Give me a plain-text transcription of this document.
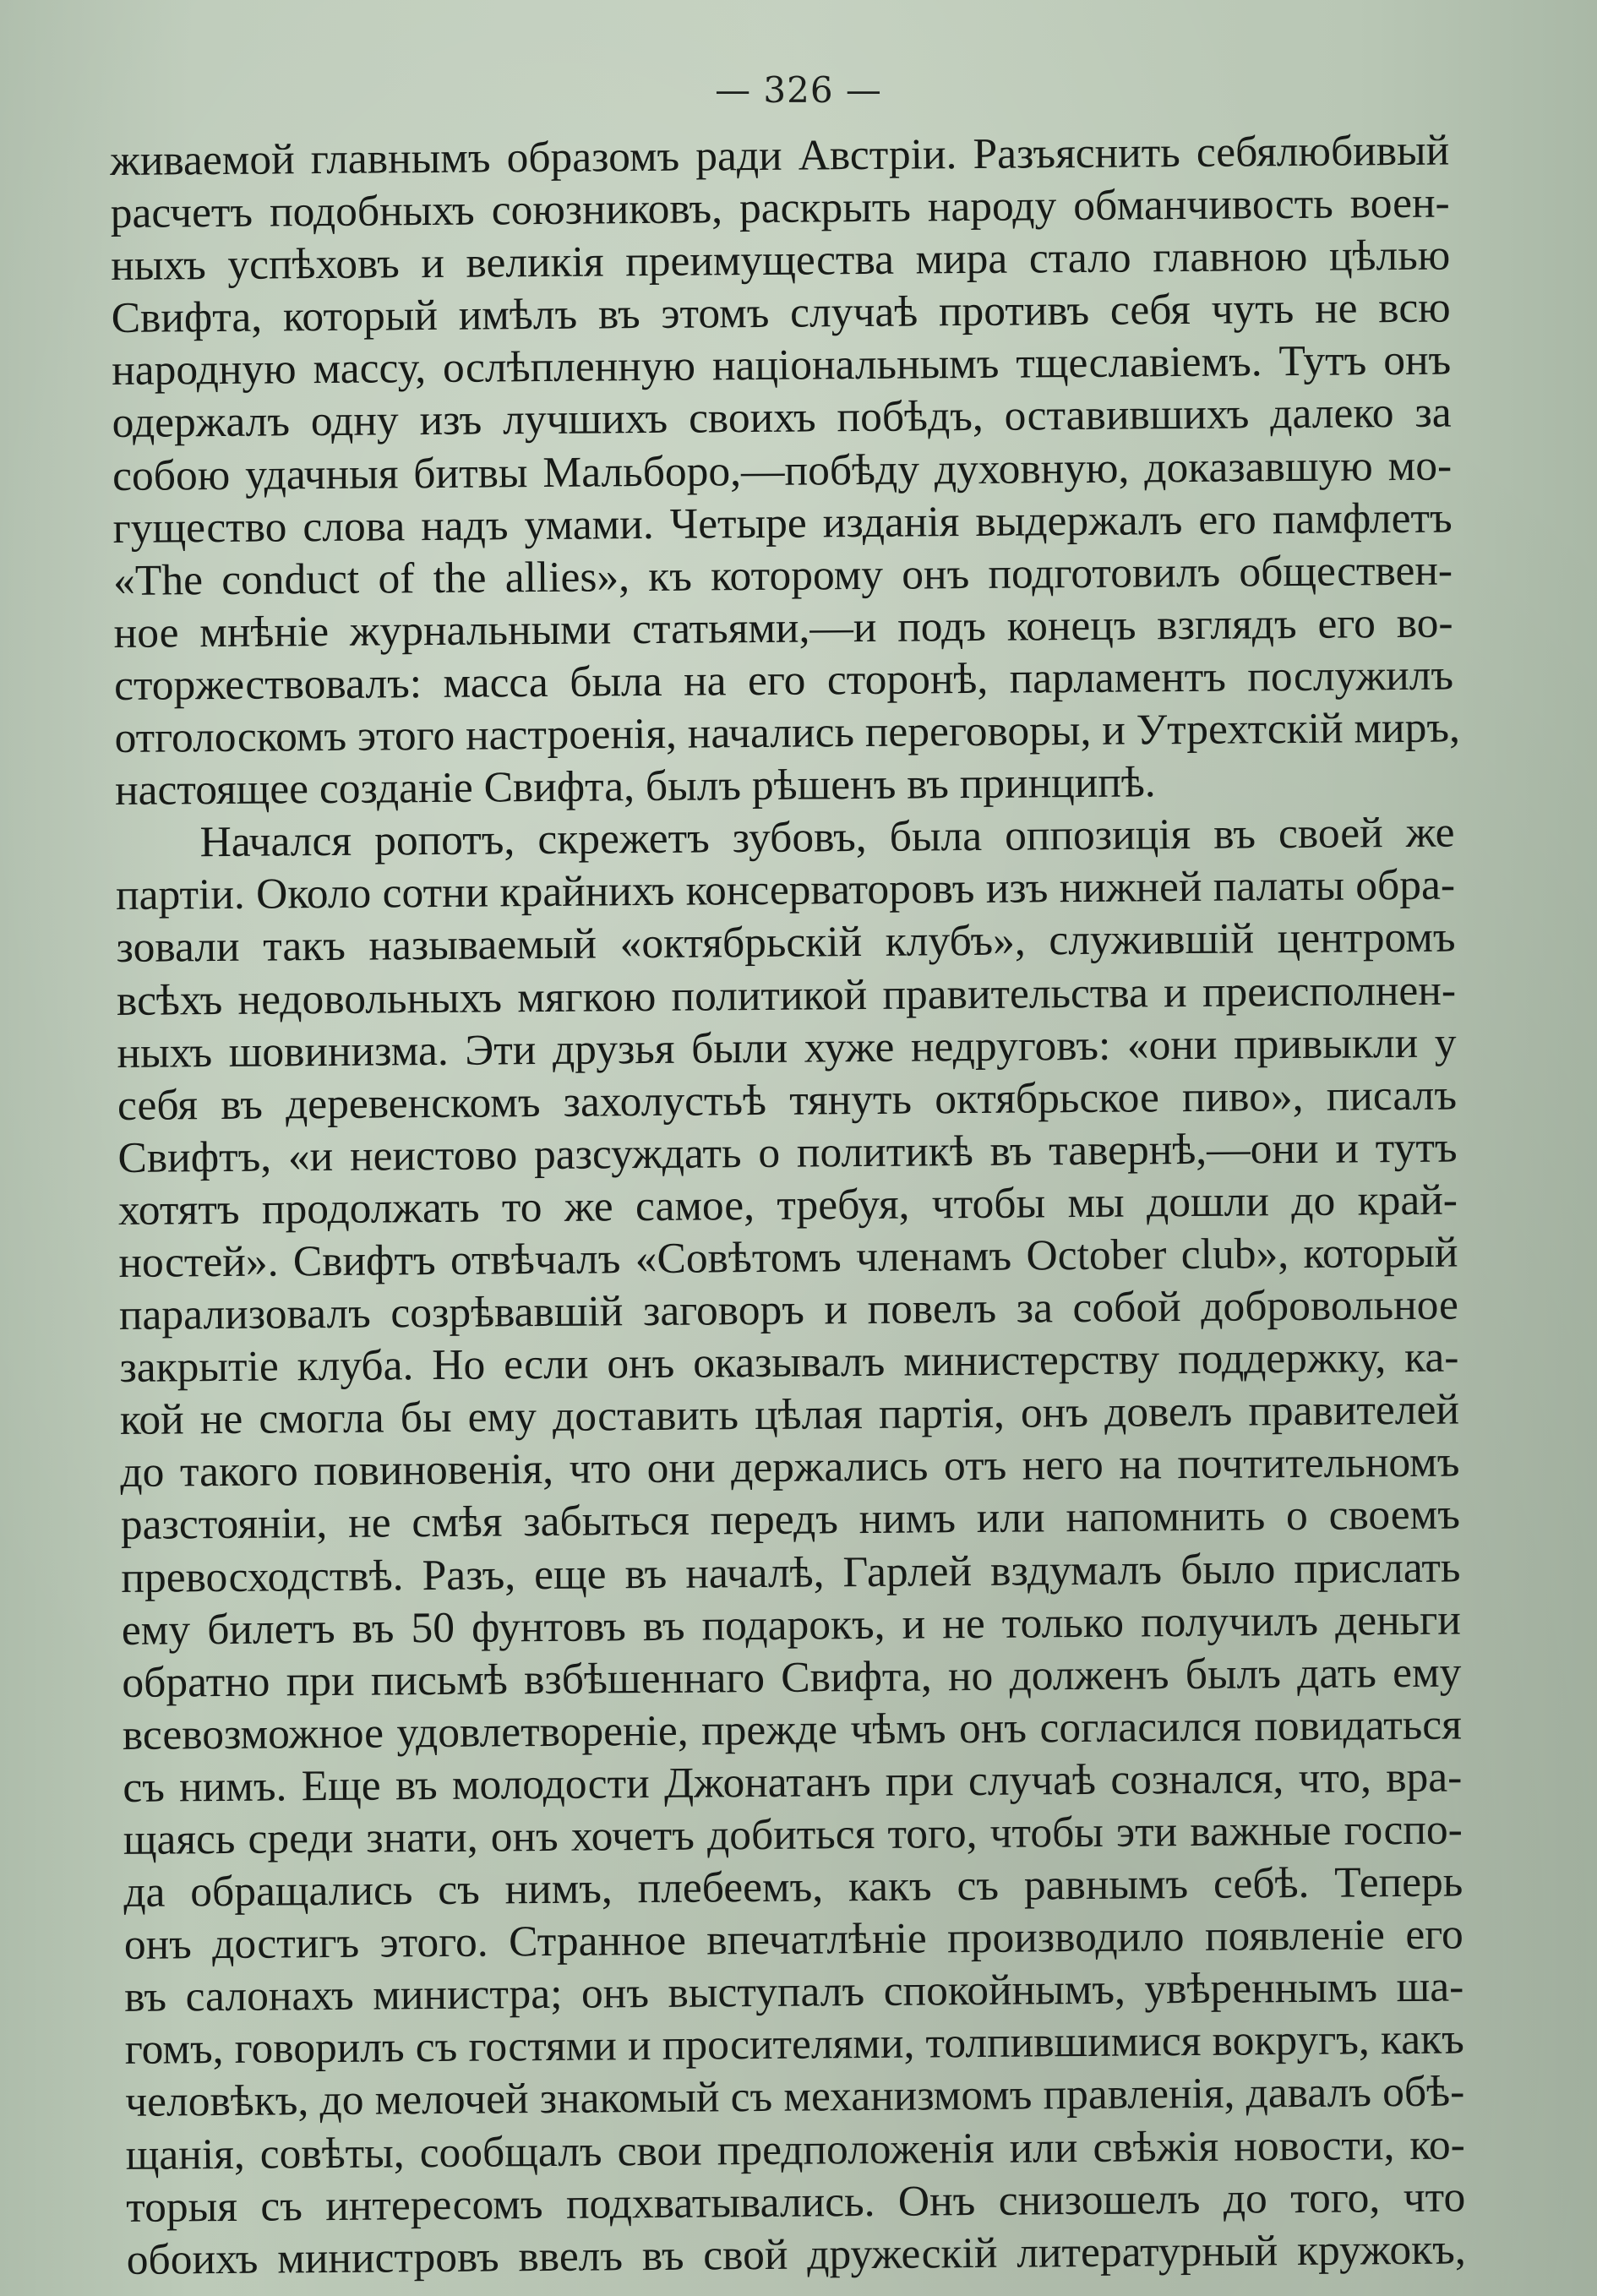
— 326 —
живаемой главнымъ образомъ ради Австріи. Разъяснить себялюбивый
расчетъ подобныхъ союзниковъ, раскрыть народу обманчивость воен-
ныхъ успѣховъ и великія преимущества мира стало главною цѣлью
Свифта, который имѣлъ въ этомъ случаѣ противъ себя чуть не всю
народную массу, ослѣпленную національнымъ тщеславіемъ. Тутъ онъ
одержалъ одну изъ лучшихъ своихъ побѣдъ, оставившихъ далеко за
собою удачныя битвы Мальборо,—побѣду духовную, доказавшую мо-
гущество слова надъ умами. Четыре изданія выдержалъ его памфлетъ
«The conduct of the allies», къ которому онъ подготовилъ обществен-
ное мнѣніе журнальными статьями,—и подъ конецъ взглядъ его во-
сторжествовалъ: масса была на его сторонѣ, парламентъ послужилъ
отголоскомъ этого настроенія, начались переговоры, и Утрехтскій миръ,
настоящее созданіе Свифта, былъ рѣшенъ въ принципѣ.
Начался ропотъ, скрежетъ зубовъ, была оппозиція въ своей же
партіи. Около сотни крайнихъ консерваторовъ изъ нижней палаты обра-
зовали такъ называемый «октябрьскій клубъ», служившій центромъ
всѣхъ недовольныхъ мягкою политикой правительства и преисполнен-
ныхъ шовинизма. Эти друзья были хуже недруговъ: «они привыкли у
себя въ деревенскомъ захолустьѣ тянуть октябрьское пиво», писалъ
Свифтъ, «и неистово разсуждать о политикѣ въ тавернѣ,—они и тутъ
хотятъ продолжать то же самое, требуя, чтобы мы дошли до край-
ностей». Свифтъ отвѣчалъ «Совѣтомъ членамъ October club», который
парализовалъ созрѣвавшій заговоръ и повелъ за собой добровольное
закрытіе клуба. Но если онъ оказывалъ министерству поддержку, ка-
кой не смогла бы ему доставить цѣлая партія, онъ довелъ правителей
до такого повиновенія, что они держались отъ него на почтительномъ
разстояніи, не смѣя забыться передъ нимъ или напомнить о своемъ
превосходствѣ. Разъ, еще въ началѣ, Гарлей вздумалъ было прислать
ему билетъ въ 50 фунтовъ въ подарокъ, и не только получилъ деньги
обратно при письмѣ взбѣшеннаго Свифта, но долженъ былъ дать ему
всевозможное удовлетвореніе, прежде чѣмъ онъ согласился повидаться
съ нимъ. Еще въ молодости Джонатанъ при случаѣ сознался, что, вра-
щаясь среди знати, онъ хочетъ добиться того, чтобы эти важные госпо-
да обращались съ нимъ, плебеемъ, какъ съ равнымъ себѣ. Теперь
онъ достигъ этого. Странное впечатлѣніе производило появленіе его
въ салонахъ министра; онъ выступалъ спокойнымъ, увѣреннымъ ша-
гомъ, говорилъ съ гостями и просителями, толпившимися вокругъ, какъ
человѣкъ, до мелочей знакомый съ механизмомъ правленія, давалъ обѣ-
щанія, совѣты, сообщалъ свои предположенія или свѣжія новости, ко-
торыя съ интересомъ подхватывались. Онъ снизошелъ до того, что
обоихъ министровъ ввелъ въ свой дружескій литературный кружокъ,
